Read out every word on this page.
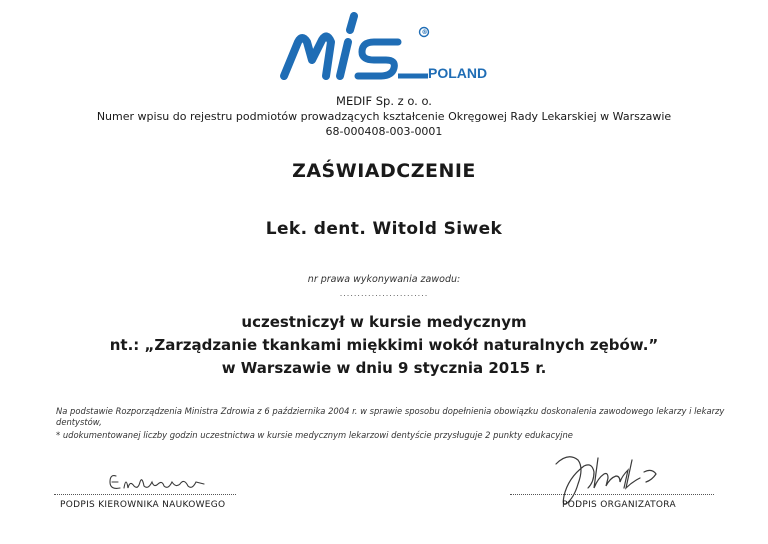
®
POLAND
MIS
MEDIF Sp. z o. o.
Numer wpisu do rejestru podmiotów prowadzących kształcenie Okręgowej Rady Lekarskiej w Warszawie
68-000408-003-0001
ZAŚWIADCZENIE
Lek. dent. Witold Siwek
nr prawa wykonywania zawodu:
.........................
uczestniczył w kursie medycznym
nt.: „Zarządzanie tkankami miękkimi wokół naturalnych zębów.”
w Warszawie w dniu 9 stycznia 2015 r.
Na podstawie Rozporządzenia Ministra Zdrowia z 6 października 2004 r. w sprawie sposobu dopełnienia obowiązku doskonalenia zawodowego lekarzy i lekarzy dentystów,
* udokumentowanej liczby godzin uczestnictwa w kursie medycznym lekarzowi dentyście przysługuje 2 punkty edukacyjne
PODPIS KIEROWNIKA NAUKOWEGO	PODPIS ORGANIZATORA
